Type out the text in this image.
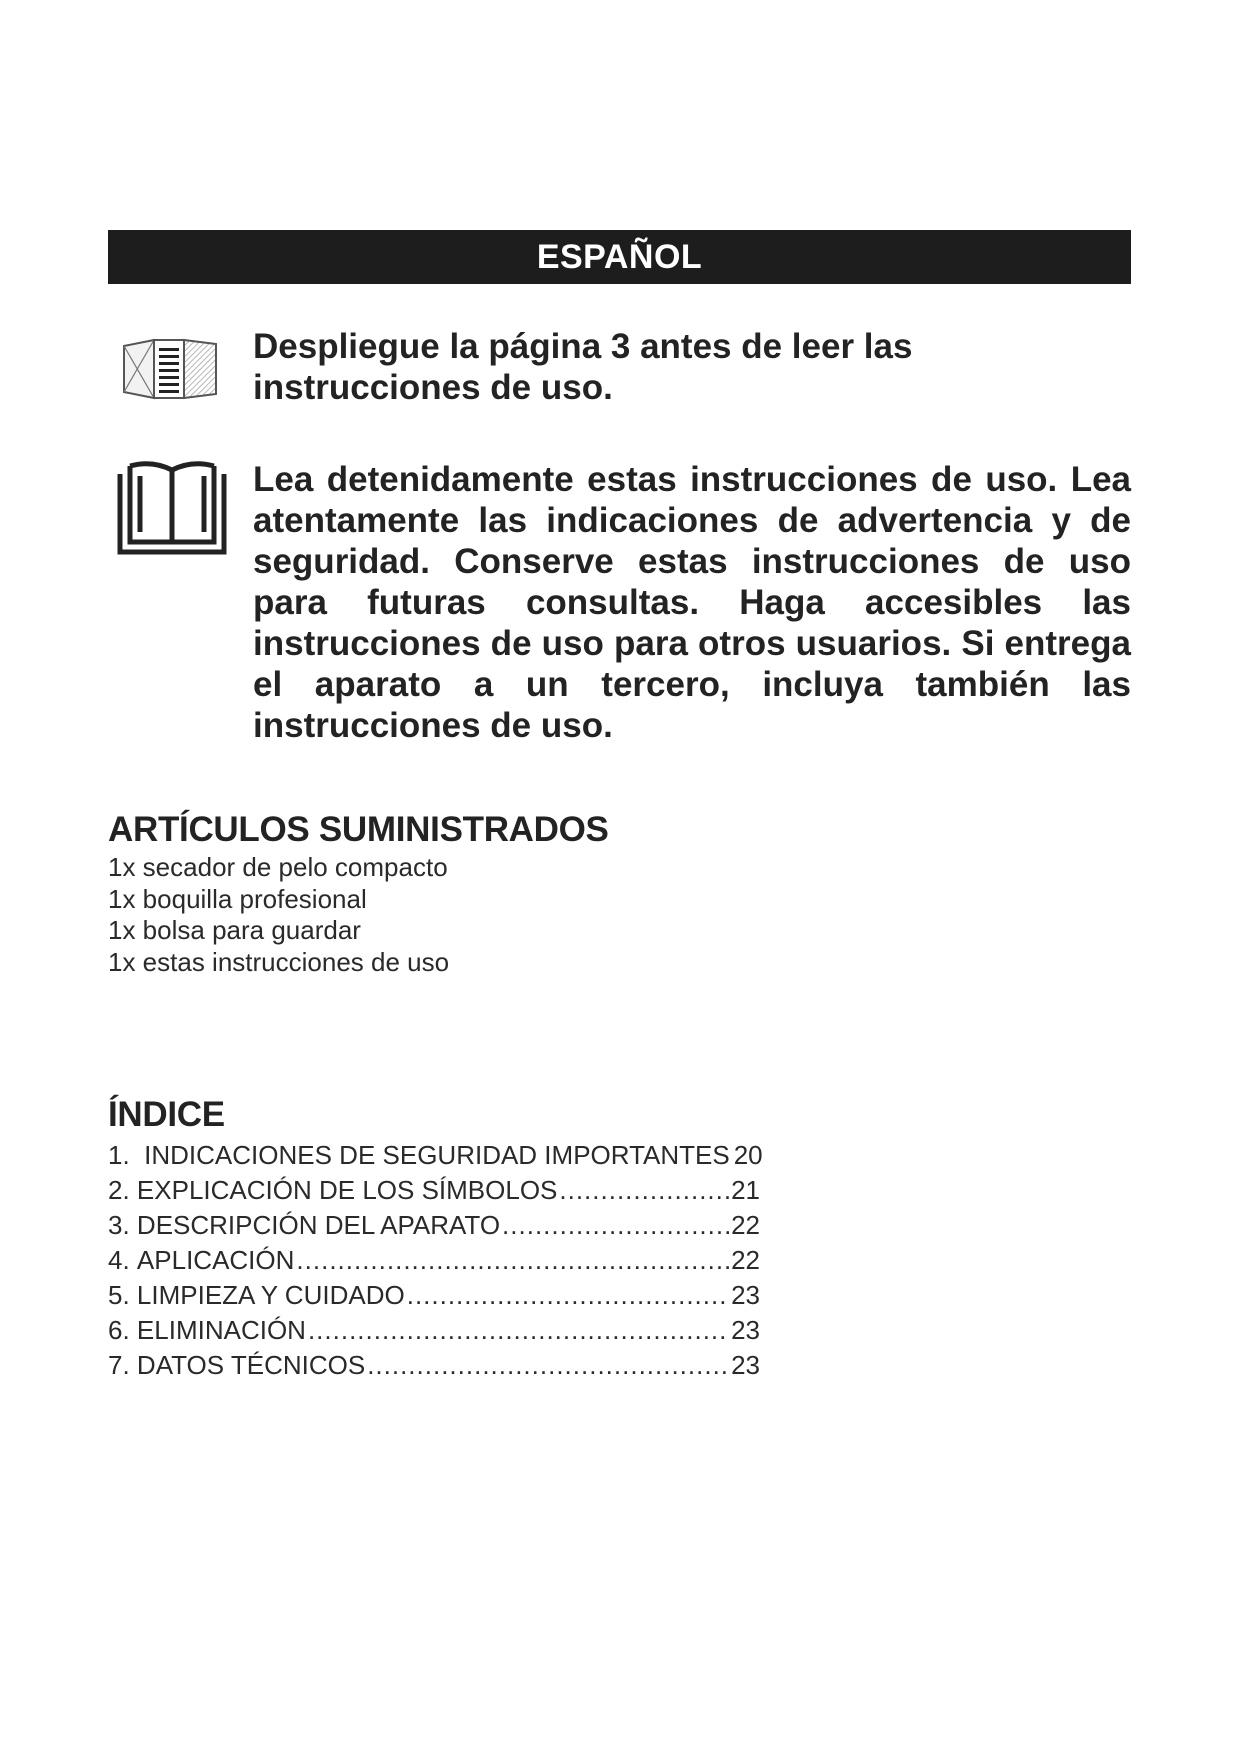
ESPAÑOL

Despliegue la página 3 antes de leer las instrucciones de uso.

Lea detenidamente estas instrucciones de uso. Lea atentamente las indicaciones de advertencia y de seguridad. Conserve estas instrucciones de uso para futuras consultas. Haga accesibles las instrucciones de uso para otros usuarios. Si entrega el aparato a un tercero, incluya también las instrucciones de uso.

ARTÍCULOS SUMINISTRADOS
1x secador de pelo compacto
1x boquilla profesional
1x bolsa para guardar
1x estas instrucciones de uso
ÍNDICE
1. INDICACIONES DE SEGURIDAD IMPORTANTES 20
2. EXPLICACIÓN DE LOS SÍMBOLOS .....	21
3. DESCRIPCIÓN DEL APARATO .....	22
4. APLICACIÓN .....	22
5. LIMPIEZA Y CUIDADO .....	23
6. ELIMINACIÓN .....	23
7. DATOS TÉCNICOS .....	23
